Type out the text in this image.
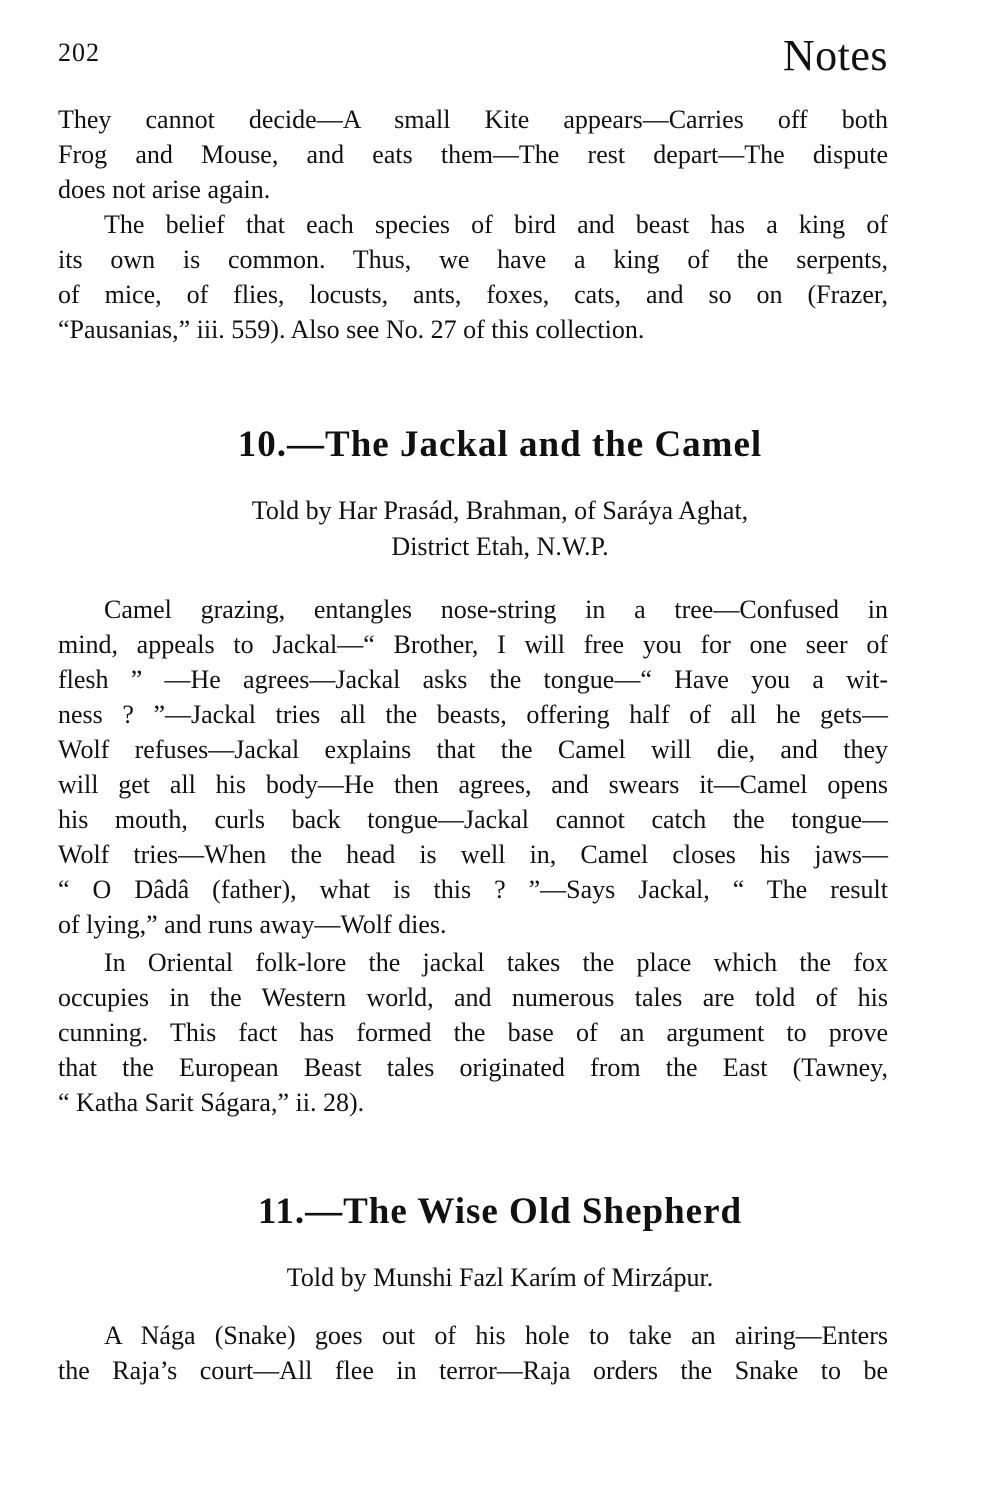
202	Notes
They cannot decide—A small Kite appears—Carries off both
Frog and Mouse, and eats them—The rest depart—The dispute
does not arise again.
The belief that each species of bird and beast has a king of
its own is common. Thus, we have a king of the serpents,
of mice, of flies, locusts, ants, foxes, cats, and so on (Frazer,
“Pausanias,” iii. 559). Also see No. 27 of this collection.
10.—The Jackal and the Camel

Told by Har Prasád, Brahman, of Saráya Aghat,
District Etah, N.W.P.

Camel grazing, entangles nose-string in a tree—Confused in
mind, appeals to Jackal—“ Brother, I will free you for one seer of
flesh ” —He agrees—Jackal asks the tongue—“ Have you a wit-
ness ? ”—Jackal tries all the beasts, offering half of all he gets—
Wolf refuses—Jackal explains that the Camel will die, and they
will get all his body—He then agrees, and swears it—Camel opens
his mouth, curls back tongue—Jackal cannot catch the tongue—
Wolf tries—When the head is well in, Camel closes his jaws—
“ O Dâdâ (father), what is this ? ”—Says Jackal, “ The result
of lying,” and runs away—Wolf dies.
In Oriental folk-lore the jackal takes the place which the fox
occupies in the Western world, and numerous tales are told of his
cunning. This fact has formed the base of an argument to prove
that the European Beast tales originated from the East (Tawney,
“ Katha Sarit Ságara,” ii. 28).
11.—The Wise Old Shepherd

Told by Munshi Fazl Karím of Mirzápur.

A Nága (Snake) goes out of his hole to take an airing—Enters
the Raja’s court—All flee in terror—Raja orders the Snake to be
